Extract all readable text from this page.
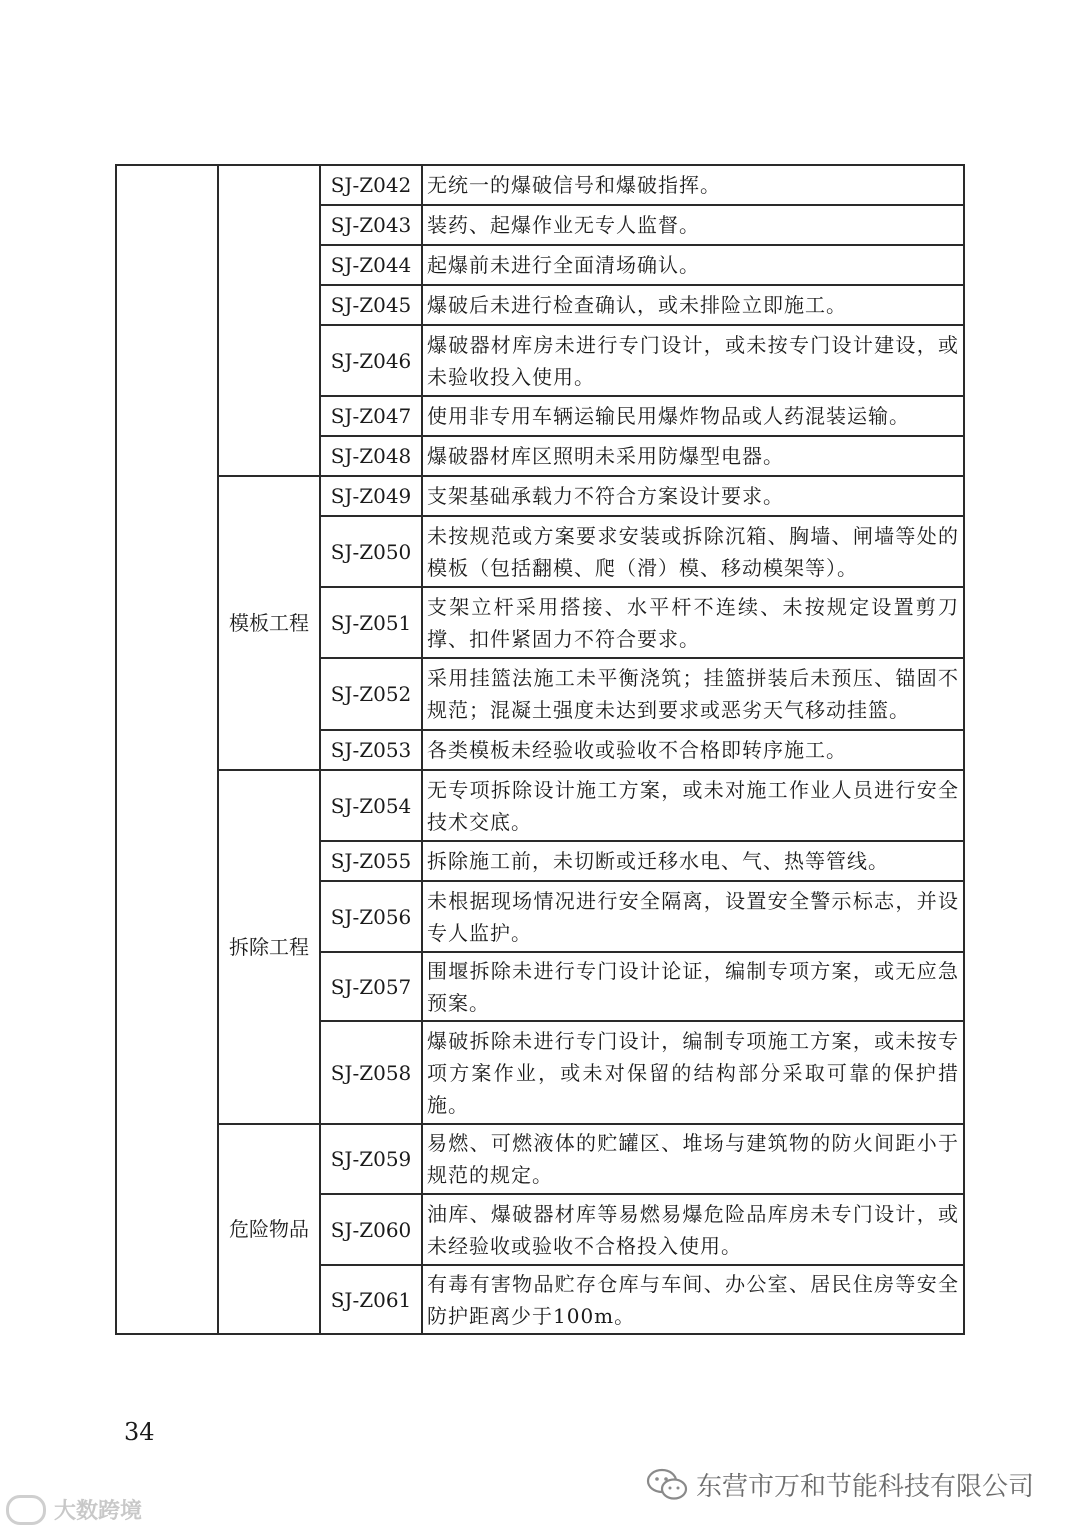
		SJ-Z042	无统一的爆破信号和爆破指挥。
		SJ-Z043	装药、起爆作业无专人监督。
		SJ-Z044	起爆前未进行全面清场确认。
		SJ-Z045	爆破后未进行检查确认，或未排险立即施工。
		SJ-Z046	爆破器材库房未进行专门设计，或未按专门设计建设，或未验收投入使用。
		SJ-Z047	使用非专用车辆运输民用爆炸物品或人药混装运输。
		SJ-Z048	爆破器材库区照明未采用防爆型电器。
	模板工程	SJ-Z049	支架基础承载力不符合方案设计要求。
		SJ-Z050	未按规范或方案要求安装或拆除沉箱、胸墙、闸墙等处的模板（包括翻模、爬（滑）模、移动模架等）。
		SJ-Z051	支架立杆采用搭接、水平杆不连续、未按规定设置剪刀撑、扣件紧固力不符合要求。
		SJ-Z052	采用挂篮法施工未平衡浇筑；挂篮拼装后未预压、锚固不规范；混凝土强度未达到要求或恶劣天气移动挂篮。
		SJ-Z053	各类模板未经验收或验收不合格即转序施工。
	拆除工程	SJ-Z054	无专项拆除设计施工方案，或未对施工作业人员进行安全技术交底。
		SJ-Z055	拆除施工前，未切断或迁移水电、气、热等管线。
		SJ-Z056	未根据现场情况进行安全隔离，设置安全警示标志，并设专人监护。
		SJ-Z057	围堰拆除未进行专门设计论证，编制专项方案，或无应急预案。
		SJ-Z058	爆破拆除未进行专门设计，编制专项施工方案，或未按专项方案作业，或未对保留的结构部分采取可靠的保护措施。
	危险物品	SJ-Z059	易燃、可燃液体的贮罐区、堆场与建筑物的防火间距小于规范的规定。
		SJ-Z060	油库、爆破器材库等易燃易爆危险品库房未专门设计，或未经验收或验收不合格投入使用。
		SJ-Z061	有毒有害物品贮存仓库与车间、办公室、居民住房等安全防护距离少于100m。
34
大数跨境
东营市万和节能科技有限公司
